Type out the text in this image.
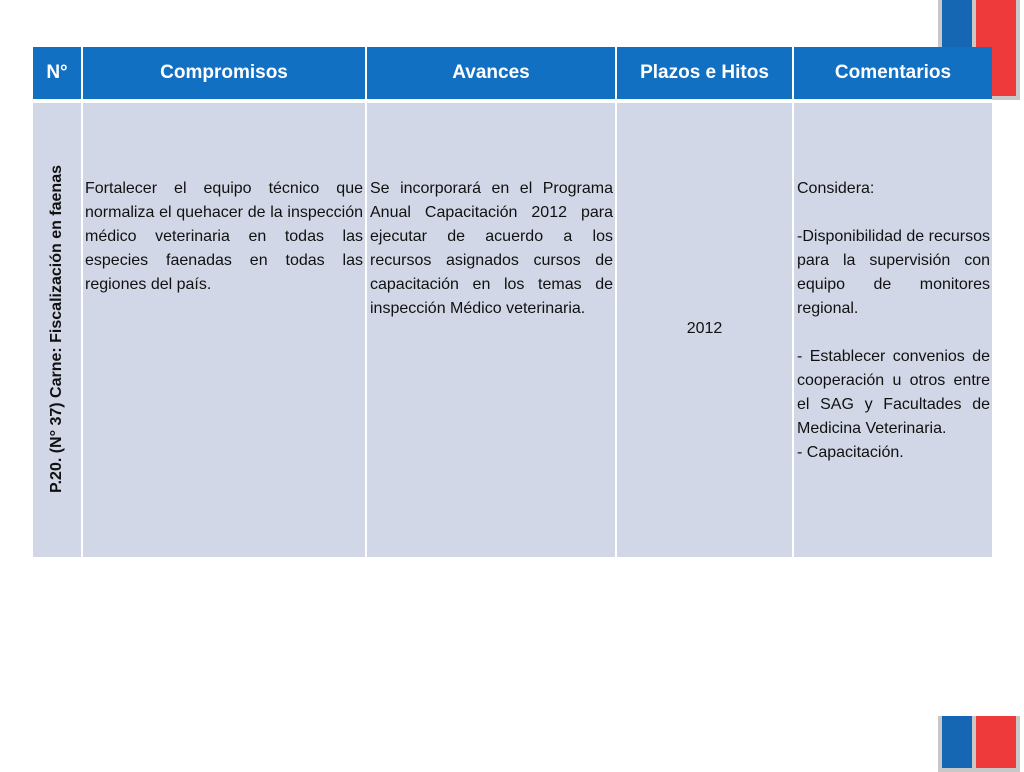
N°	Compromisos	Avances	Plazos e Hitos	Comentarios

P.20. (N° 37) Carne: Fiscalización en faenas	Fortalecer el equipo técnico que normaliza el quehacer de la inspección médico veterinaria en todas las especies faenadas en todas las regiones del país.	Se incorporará en el Programa Anual Capacitación 2012 para ejecutar de acuerdo a los recursos asignados cursos de capacitación en los temas de inspección Médico veterinaria.	2012	Considera:

-Disponibilidad de recursos para la supervisión con equipo de monitores regional.

- Establecer convenios de cooperación u otros entre el SAG y Facultades de Medicina Veterinaria.

- Capacitación.
